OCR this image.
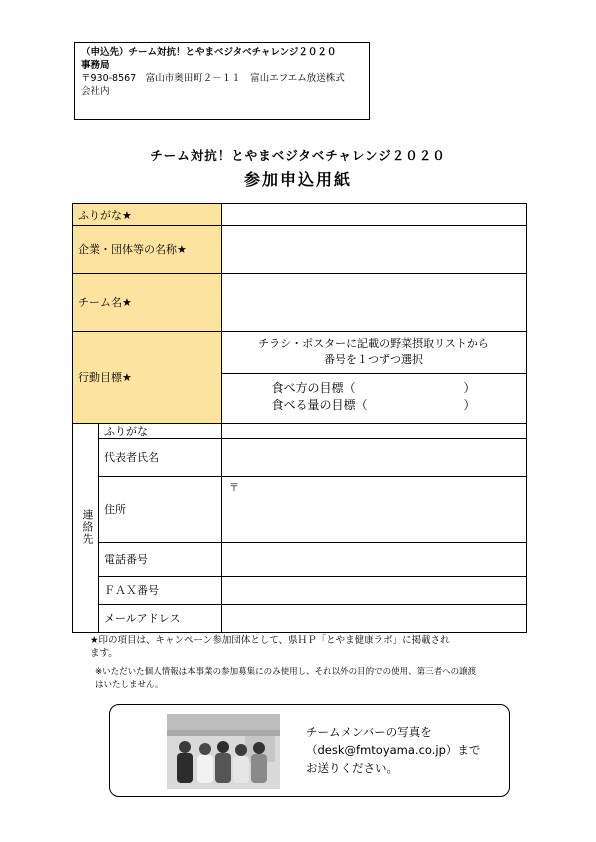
（申込先）チーム対抗！とやまベジタベチャレンジ２０２０
事務局
〒930-8567　富山市奥田町２－１１　富山エフエム放送株式
会社内
チーム対抗！とやまベジタベチャレンジ２０２０
参加申込用紙
ふりがな★
企業・団体等の名称★
チーム名★
行動目標★
チラシ・ポスターに記載の野菜摂取リストから
番号を１つずつ選択
食べ方の目標（　　　　　　　　　）
食べる量の目標（　　　　　　　　）
連絡先
ふりがな
代表者氏名
住所
電話番号
ＦＡＸ番号
メールアドレス
〒
★印の項目は、キャンペーン参加団体として、県ＨＰ「とやま健康ラボ」に掲載され
ます。
※いただいた個人情報は本事業の参加募集にのみ使用し、それ以外の目的での使用、第三者への譲渡
はいたしません。
チームメンバーの写真を
（desk@fmtoyama.co.jp）まで
お送りください。
